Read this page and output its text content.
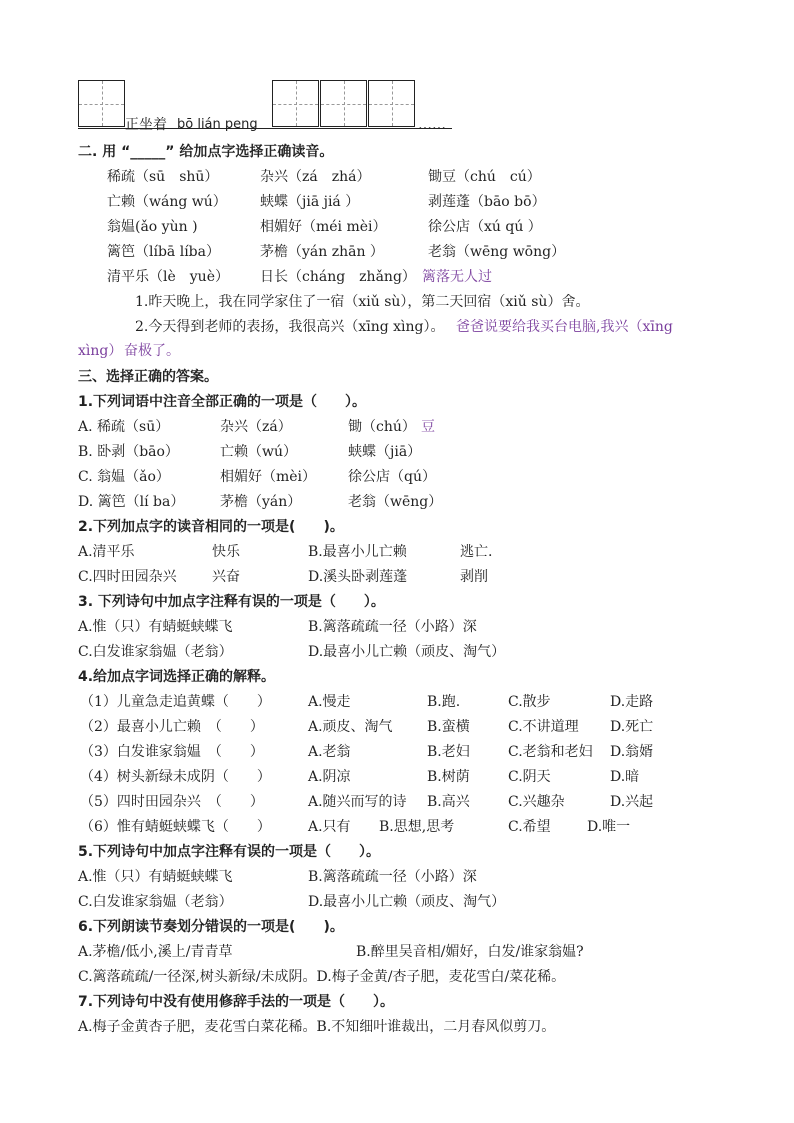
正坐着 bō lián peng	……
二. 用 “_____” 给加点字选择正确读音。
稀疏（sū　shū）	杂兴（zá　zhá）	锄豆（chú　cú）
亡赖（wáng wú） 蛱蝶（jiā jiá ）	剥莲蓬（bāo bō）
翁媪(ǎo yùn )	相媚好（méi mèi）	徐公店（xú qú ）
篱笆（líbā líba）	茅檐（yán zhān ）	老翁（wēng wōng）
清平乐（lè　yuè） 日长（cháng　zhǎng） 篱落无人过
1.昨天晚上，我在同学家住了一宿（xiǔ sù），第二天回宿（xiǔ sù）舍。
2.今天得到老师的表扬，我很高兴（xīng xìng）。 爸爸说要给我买台电脑,我兴（xīng
xìng） 奋极了。
三、选择正确的答案。
1.下列词语中注音全部正确的一项是（　　）。
A. 稀疏（sū）	杂兴（zá）	锄（chú） 豆
B. 卧剥（bāo）	亡赖（wú）	蛱蝶（jiā）
C. 翁媪（ǎo）	相媚好（mèi） 徐公店（qú）
D. 篱笆（lí ba）	茅檐（yán）	老翁（wēng）
2.下列加点字的读音相同的一项是(　　)。
A.清平乐	快乐	B.最喜小儿亡赖	逃亡.
C.四时田园杂兴	兴奋	D.溪头卧剥莲蓬	剥削
3. 下列诗句中加点字注释有误的一项是（　　）。
A.惟（只）有蜻蜓蛱蝶飞	B.篱落疏疏一径（小路）深
C.白发谁家翁媪（老翁）	D.最喜小儿亡赖（顽皮、淘气）
4.给加点字词选择正确的解释。
（1）儿童急走追黄蝶（　　）	A.慢走	B.跑.	C.散步	D.走路
（2）最喜小儿亡赖　（　　）	A.顽皮、淘气 B.蛮横	C.不讲道理 D.死亡
（3）白发谁家翁媪　（　　）	A.老翁	B.老妇	C.老翁和老妇 D.翁婿
（4）树头新绿未成阴（　　）	A.阴凉	B.树荫	C.阴天	D.暗
（5）四时田园杂兴　（　　）	A.随兴而写的诗 B.高兴	C.兴趣杂	D.兴起
（6）惟有蜻蜓蛱蝶飞（　　）	A.只有 B.思想,思考	C.希望	D.唯一
5.下列诗句中加点字注释有误的一项是（　　）。
A.惟（只）有蜻蜓蛱蝶飞	B.篱落疏疏一径（小路）深
C.白发谁家翁媪（老翁）	D.最喜小儿亡赖（顽皮、淘气）
6.下列朗读节奏划分错误的一项是(　　)。
A.茅檐/低小,溪上/青青草	B.醉里吴音相/媚好，白发/谁家翁媪?
C.篱落疏疏/一径深,树头新绿/未成阴。D.梅子金黄/杏子肥，麦花雪白/菜花稀。
7.下列诗句中没有使用修辞手法的一项是（　　）。
A.梅子金黄杏子肥，麦花雪白菜花稀。B.不知细叶谁裁出，二月春风似剪刀。
